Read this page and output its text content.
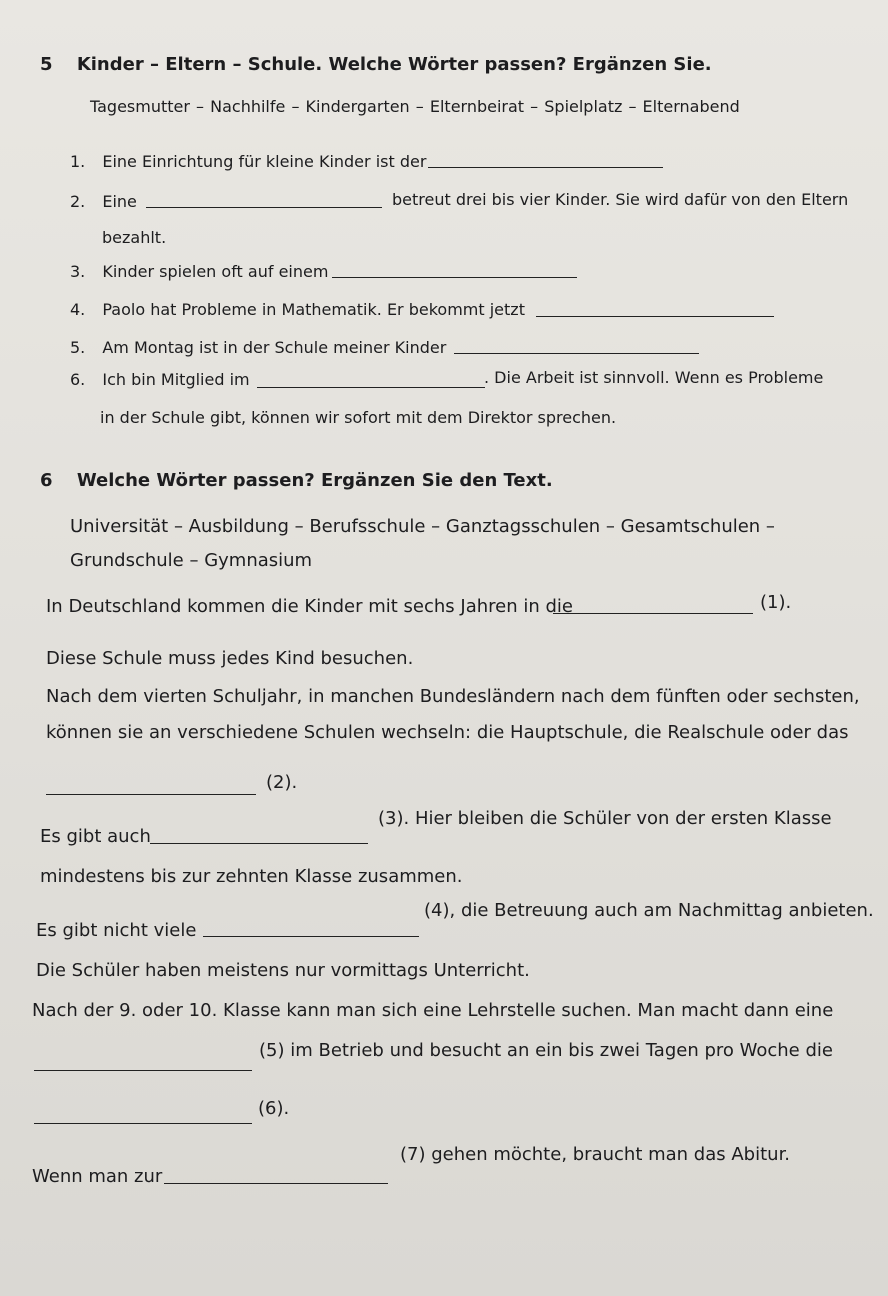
5 Kinder – Eltern – Schule. Welche Wörter passen? Ergänzen Sie.
Tagesmutter – Nachhilfe – Kindergarten – Elternbeirat – Spielplatz – Elternabend
1. Eine Einrichtung für kleine Kinder ist der
2. Eine	betreut drei bis vier Kinder. Sie wird dafür von den Eltern
bezahlt.
3. Kinder spielen oft auf einem
4. Paolo hat Probleme in Mathematik. Er bekommt jetzt
5. Am Montag ist in der Schule meiner Kinder
6. Ich bin Mitglied im	. Die Arbeit ist sinnvoll. Wenn es Probleme
in der Schule gibt, können wir sofort mit dem Direktor sprechen.
6 Welche Wörter passen? Ergänzen Sie den Text.
Universität – Ausbildung – Berufsschule – Ganztagsschulen – Gesamtschulen –
Grundschule – Gymnasium
In Deutschland kommen die Kinder mit sechs Jahren in die	(1).
Diese Schule muss jedes Kind besuchen.
Nach dem vierten Schuljahr, in manchen Bundesländern nach dem fünften oder sechsten,
können sie an verschiedene Schulen wechseln: die Hauptschule, die Realschule oder das
(2).
Es gibt auch
(3). Hier bleiben die Schüler von der ersten Klasse
mindestens bis zur zehnten Klasse zusammen.
Es gibt nicht viele
(4), die Betreuung auch am Nachmittag anbieten.
Die Schüler haben meistens nur vormittags Unterricht.
Nach der 9. oder 10. Klasse kann man sich eine Lehrstelle suchen. Man macht dann eine
(5) im Betrieb und besucht an ein bis zwei Tagen pro Woche die
(6).
Wenn man zur
(7) gehen möchte, braucht man das Abitur.
